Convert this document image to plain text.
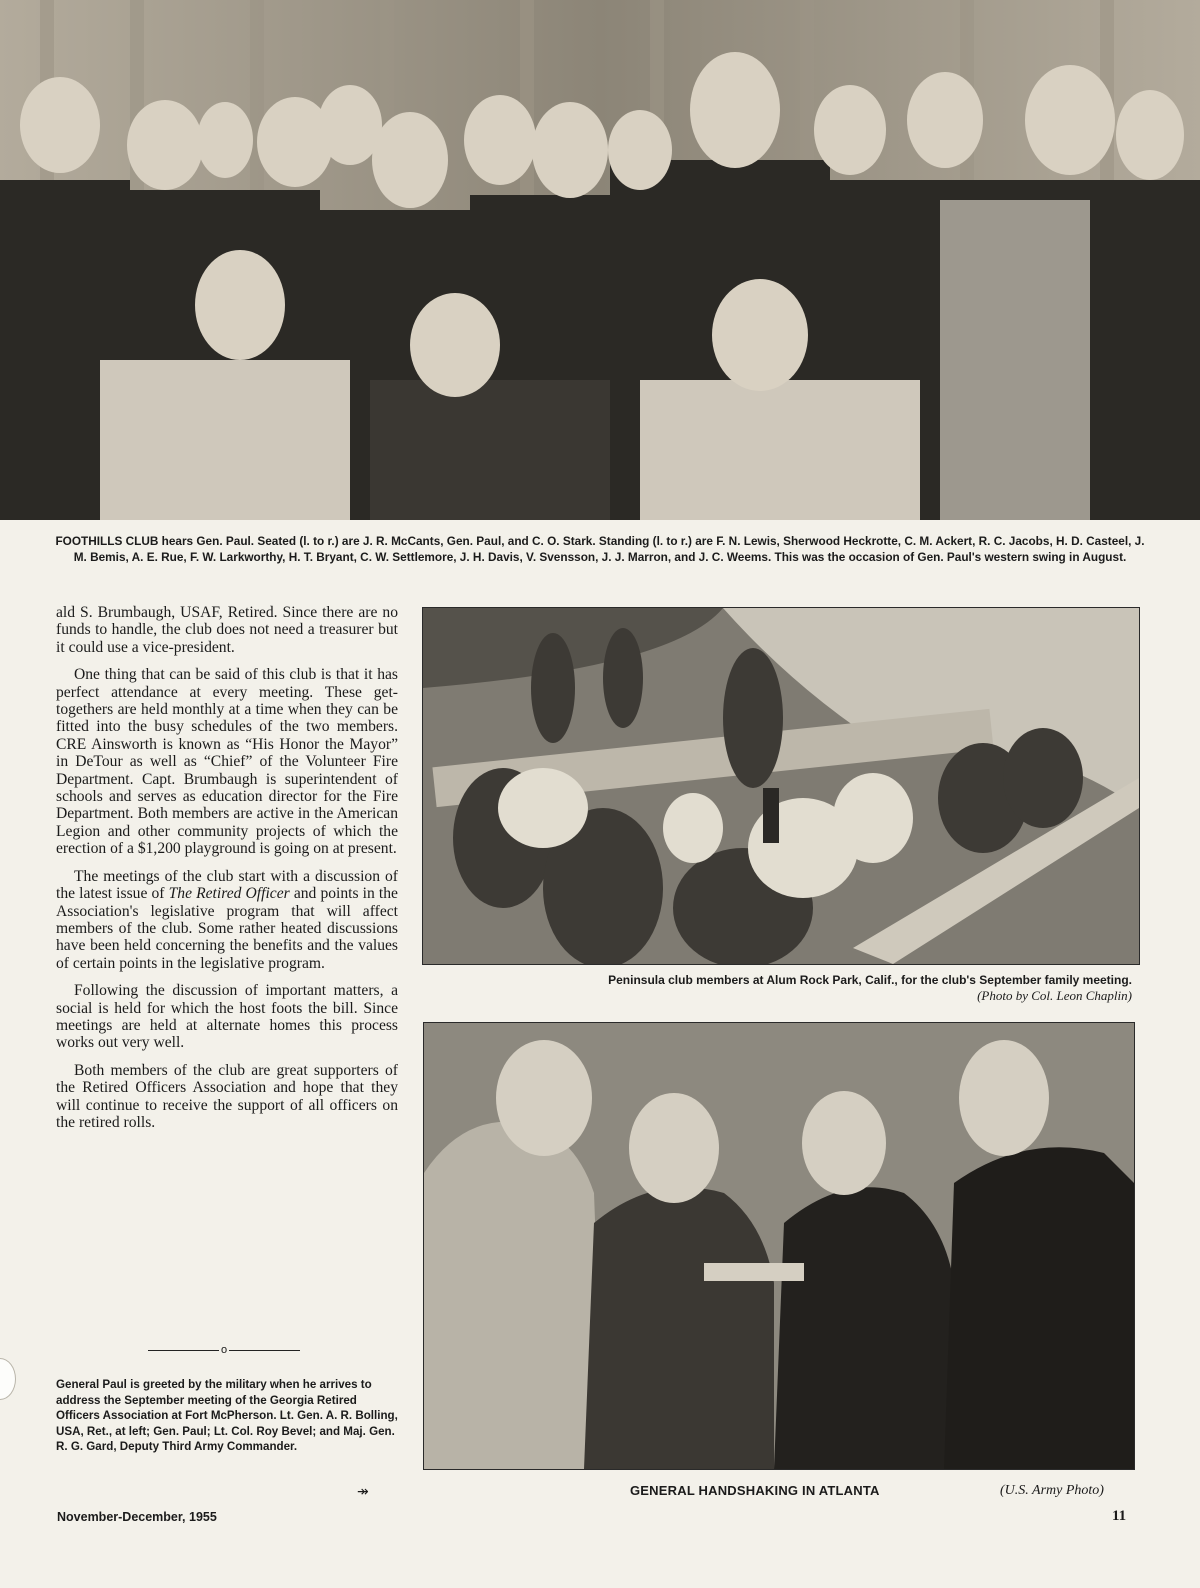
FOOTHILLS CLUB hears Gen. Paul. Seated (l. to r.) are J. R. McCants, Gen. Paul, and C. O. Stark. Standing (l. to r.) are F. N. Lewis, Sherwood Heckrotte, C. M. Ackert, R. C. Jacobs, H. D. Casteel, J. M. Bemis, A. E. Rue, F. W. Larkworthy, H. T. Bryant, C. W. Settlemore, J. H. Davis, V. Svensson, J. J. Marron, and J. C. Weems. This was the occasion of Gen. Paul's western swing in August.

ald S. Brumbaugh, USAF, Retired. Since there are no funds to handle, the club does not need a treasurer but it could use a vice-president.

One thing that can be said of this club is that it has perfect attendance at every meeting. These get-togethers are held monthly at a time when they can be fitted into the busy schedules of the two members. CRE Ainsworth is known as “His Honor the Mayor” in DeTour as well as “Chief” of the Volunteer Fire Department. Capt. Brumbaugh is superintendent of schools and serves as education director for the Fire Department. Both members are active in the American Legion and other community projects of which the erection of a $1,200 playground is going on at present.

The meetings of the club start with a discussion of the latest issue of The Retired Officer and points in the Association's legislative program that will affect members of the club. Some rather heated discussions have been held concerning the benefits and the values of certain points in the legislative program.

Following the discussion of important matters, a social is held for which the host foots the bill. Since meetings are held at alternate homes this process works out very well.

Both members of the club are great supporters of the Retired Officers Association and hope that they will continue to receive the support of all officers on the retired rolls.

o
General Paul is greeted by the military when he arrives to address the September meeting of the Georgia Retired Officers Association at Fort McPherson. Lt. Gen. A. R. Bolling, USA, Ret., at left; Gen. Paul; Lt. Col. Roy Bevel; and Maj. Gen. R. G. Gard, Deputy Third Army Commander.
↠
Peninsula club members at Alum Rock Park, Calif., for the club's September family meeting.
(Photo by Col. Leon Chaplin)
GENERAL HANDSHAKING IN ATLANTA	(U.S. Army Photo)
November-December, 1955	11
